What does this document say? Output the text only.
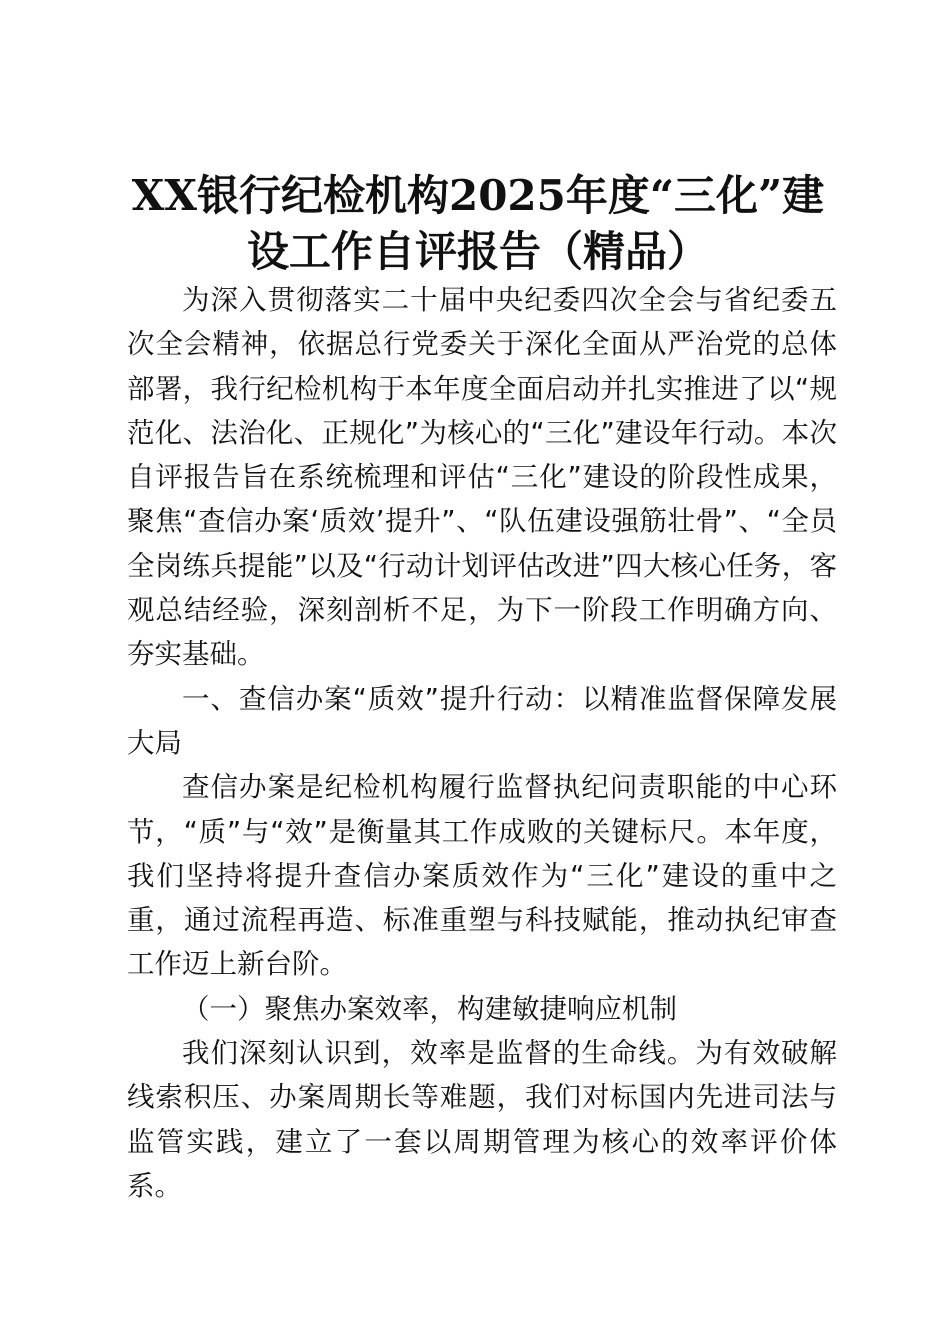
XX银行纪检机构2025年度“三化”建设工作自评报告（精品）

为深入贯彻落实二十届中央纪委四次全会与省纪委五次全会精神，依据总行党委关于深化全面从严治党的总体部署，我行纪检机构于本年度全面启动并扎实推进了以“规范化、法治化、正规化”为核心的“三化”建设年行动。本次自评报告旨在系统梳理和评估“三化”建设的阶段性成果，聚焦“查信办案‘质效’提升”、“队伍建设强筋壮骨”、“全员全岗练兵提能”以及“行动计划评估改进”四大核心任务，客观总结经验，深刻剖析不足，为下一阶段工作明确方向、夯实基础。

一、查信办案“质效”提升行动：以精准监督保障发展大局

查信办案是纪检机构履行监督执纪问责职能的中心环节，“质”与“效”是衡量其工作成败的关键标尺。本年度，我们坚持将提升查信办案质效作为“三化”建设的重中之重，通过流程再造、标准重塑与科技赋能，推动执纪审查工作迈上新台阶。

（一）聚焦办案效率，构建敏捷响应机制

我们深刻认识到，效率是监督的生命线。为有效破解线索积压、办案周期长等难题，我们对标国内先进司法与监管实践，建立了一套以周期管理为核心的效率评价体系。
